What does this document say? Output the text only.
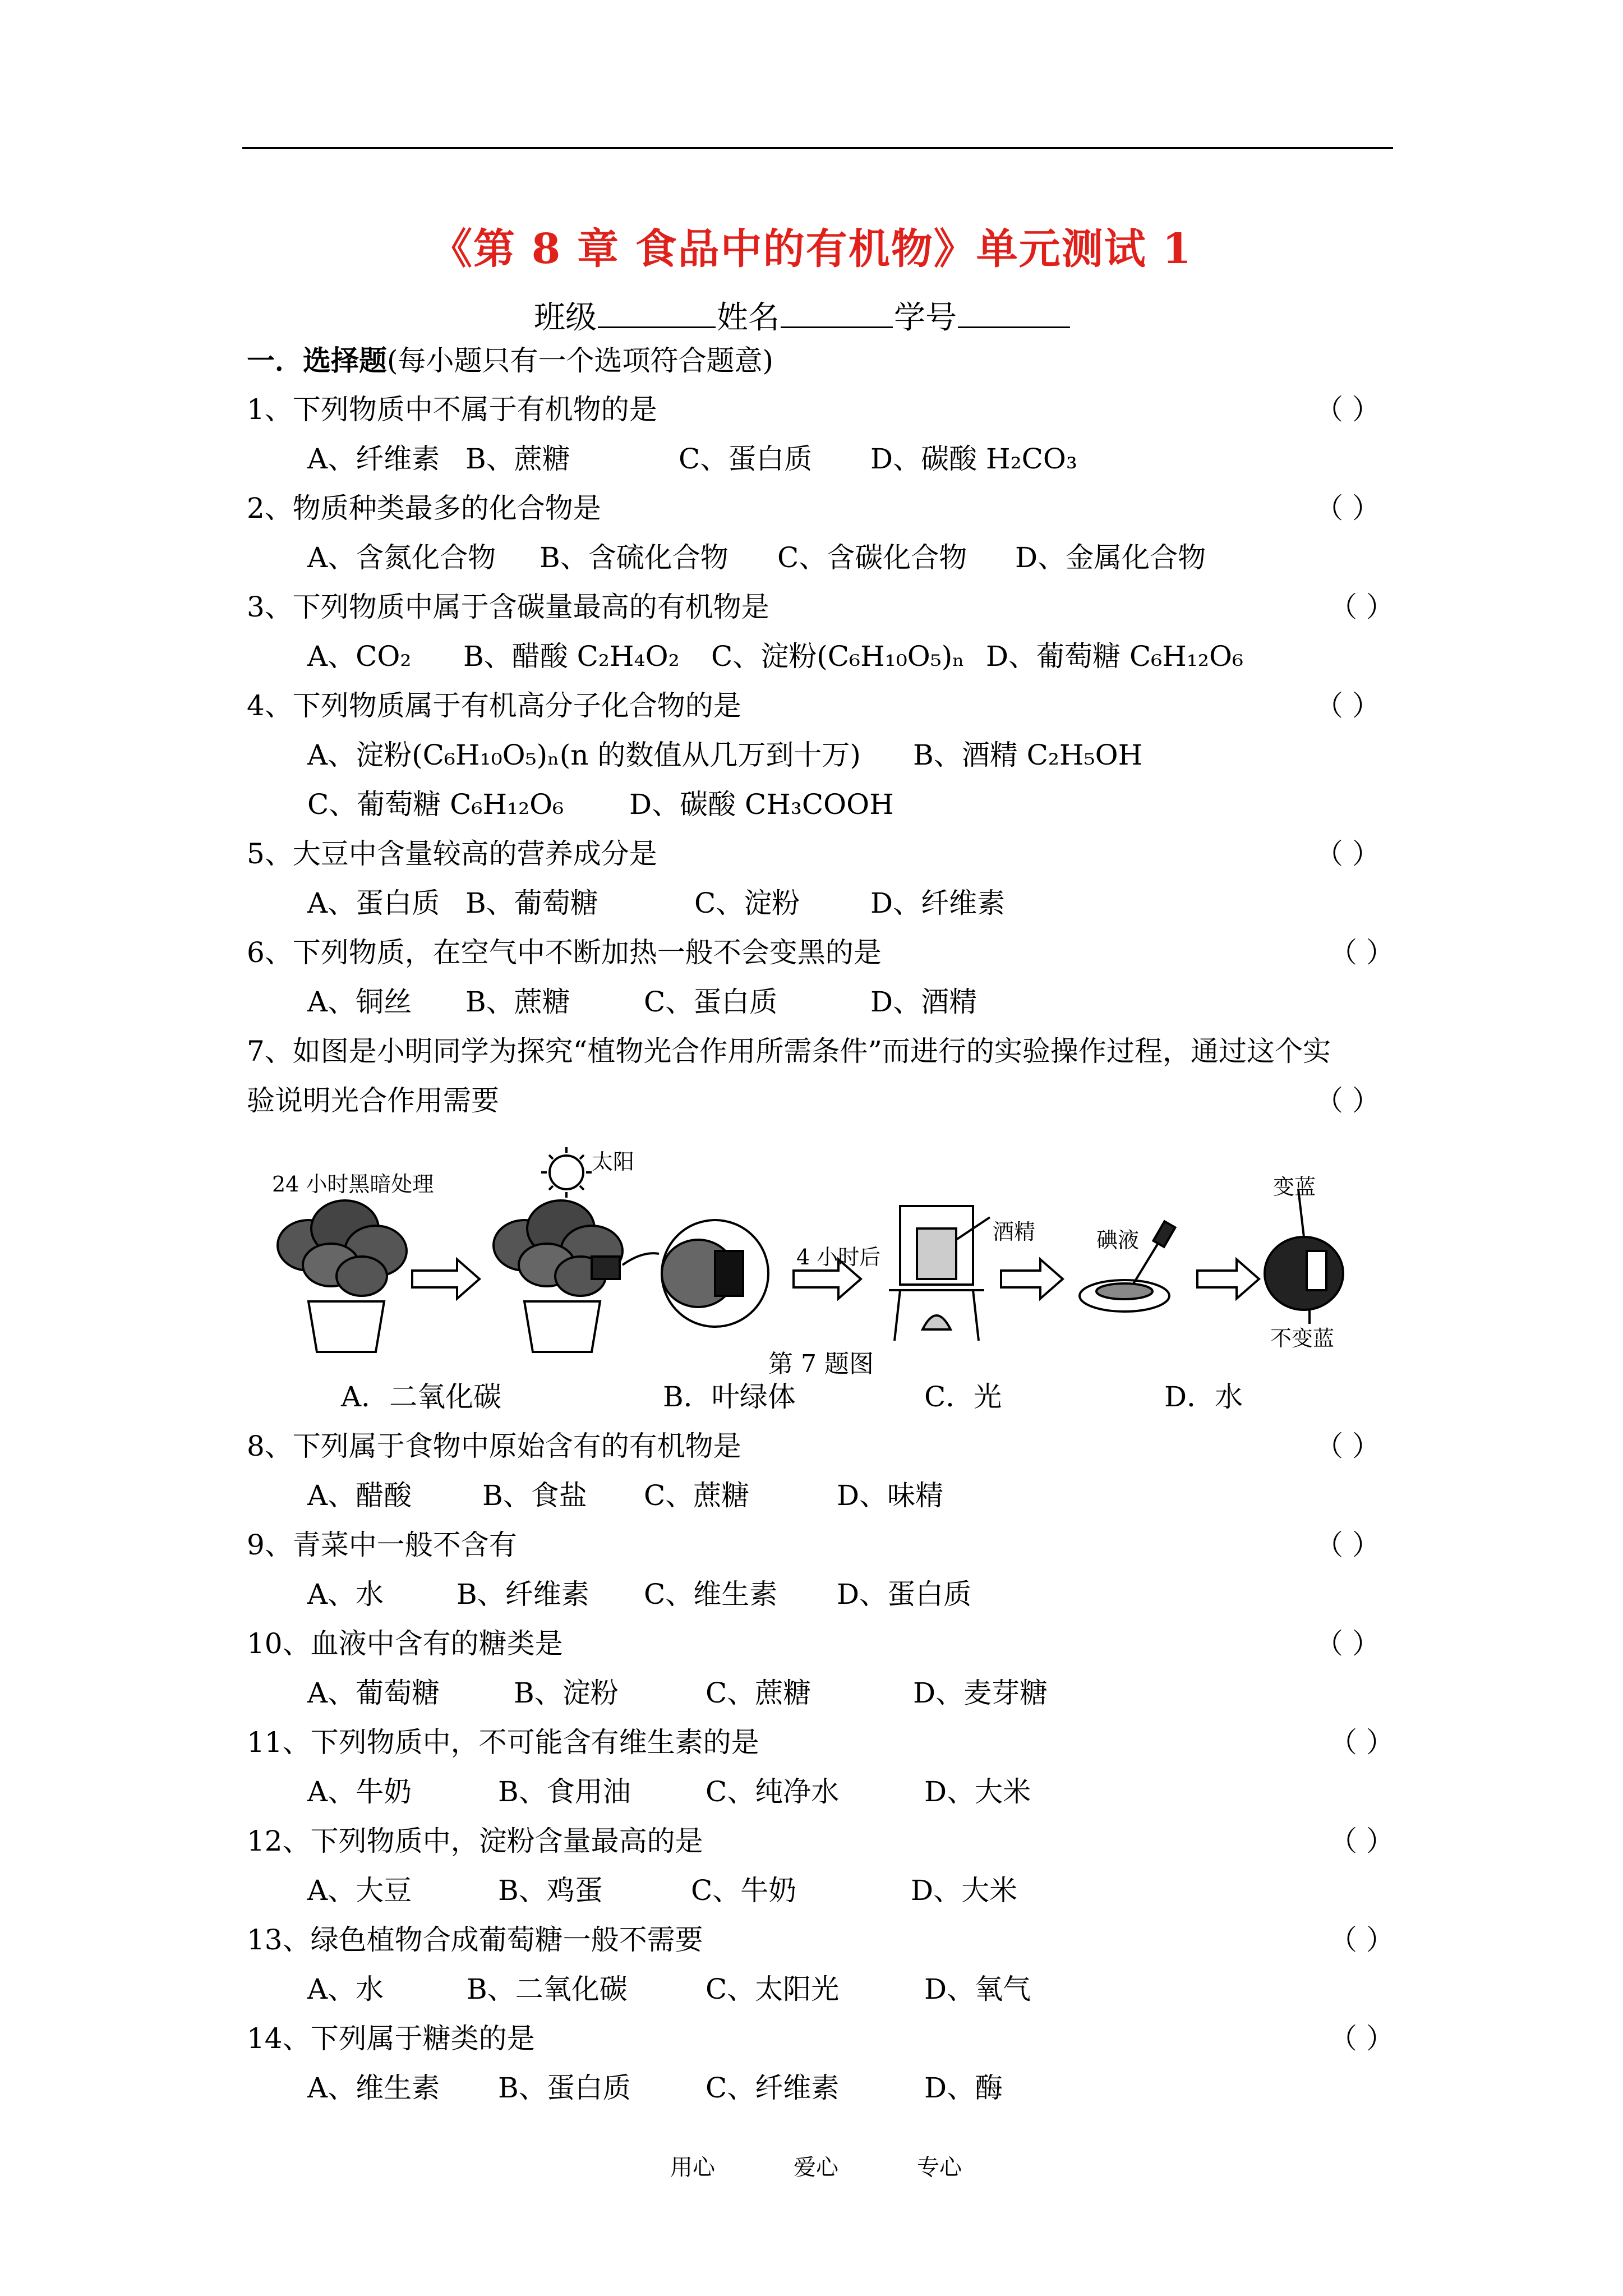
《第 8 章 食品中的有机物》单元测试 1
班级	姓名	学号
一．选择题(每小题只有一个选项符合题意)
1、下列物质中不属于有机物的是	（ ）
A、纤维素 B、蔗糖	C、蛋白质 D、碳酸 H₂CO₃
2、物质种类最多的化合物是	（ ）
A、含氮化合物 B、含硫化合物 C、含碳化合物 D、金属化合物
3、下列物质中属于含碳量最高的有机物是	（ ）
A、CO₂ B、醋酸 C₂H₄O₂ C、淀粉(C₆H₁₀O₅)ₙ D、葡萄糖 C₆H₁₂O₆
4、下列物质属于有机高分子化合物的是	（ ）
A、淀粉(C₆H₁₀O₅)ₙ(n 的数值从几万到十万) B、酒精 C₂H₅OH
C、葡萄糖 C₆H₁₂O₆ D、碳酸 CH₃COOH
5、大豆中含量较高的营养成分是	（ ）
A、蛋白质 B、葡萄糖	C、淀粉	D、纤维素
6、下列物质，在空气中不断加热一般不会变黑的是	（ ）
A、铜丝 B、蔗糖	C、蛋白质	D、酒精
7、如图是小明同学为探究“植物光合作用所需条件”而进行的实验操作过程，通过这个实
验说明光合作用需要	（ ）
24 小时黑暗处理
太阳
4 小时后
酒精	碘液
变蓝
不变蓝
第 7 题图
A．二氧化碳	B．叶绿体	C．光	D．水
8、下列属于食物中原始含有的有机物是	（ ）
A、醋酸	B、食盐 C、蔗糖	D、味精
9、青菜中一般不含有	（ ）
A、水	B、纤维素 C、维生素 D、蛋白质
10、血液中含有的糖类是	（ ）
A、葡萄糖	B、淀粉	C、蔗糖	D、麦芽糖
11、下列物质中，不可能含有维生素的是	（ ）
A、牛奶	B、食用油	C、纯净水	D、大米
12、下列物质中，淀粉含量最高的是	（ ）
A、大豆	B、鸡蛋	C、牛奶	D、大米
13、绿色植物合成葡萄糖一般不需要	（ ）
A、水	B、二氧化碳	C、太阳光	D、氧气
14、下列属于糖类的是	（ ）
A、维生素 B、蛋白质	C、纤维素	D、酶
用心	爱心	专心
